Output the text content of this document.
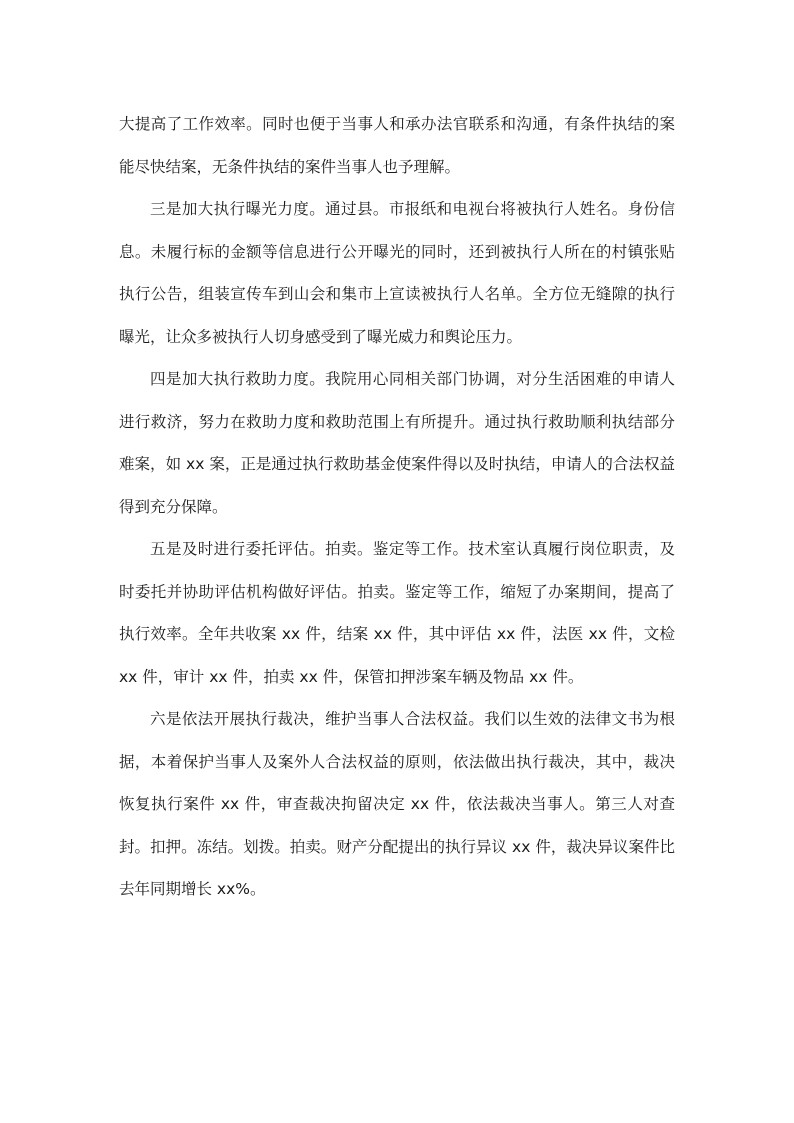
大提高了工作效率。同时也便于当事人和承办法官联系和沟通，有条件执结的案能尽快结案，无条件执结的案件当事人也予理解。

三是加大执行曝光力度。通过县。市报纸和电视台将被执行人姓名。身份信息。未履行标的金额等信息进行公开曝光的同时，还到被执行人所在的村镇张贴执行公告，组装宣传车到山会和集市上宣读被执行人名单。全方位无缝隙的执行曝光，让众多被执行人切身感受到了曝光威力和舆论压力。

四是加大执行救助力度。我院用心同相关部门协调，对分生活困难的申请人进行救济，努力在救助力度和救助范围上有所提升。通过执行救助顺利执结部分难案，如 xx 案，正是通过执行救助基金使案件得以及时执结，申请人的合法权益得到充分保障。

五是及时进行委托评估。拍卖。鉴定等工作。技术室认真履行岗位职责，及时委托并协助评估机构做好评估。拍卖。鉴定等工作，缩短了办案期间，提高了执行效率。全年共收案 xx 件，结案 xx 件，其中评估 xx 件，法医 xx 件，文检 xx 件，审计 xx 件，拍卖 xx 件，保管扣押涉案车辆及物品 xx 件。

六是依法开展执行裁决，维护当事人合法权益。我们以生效的法律文书为根据，本着保护当事人及案外人合法权益的原则，依法做出执行裁决，其中，裁决恢复执行案件 xx 件，审查裁决拘留决定 xx 件，依法裁决当事人。第三人对查封。扣押。冻结。划拨。拍卖。财产分配提出的执行异议 xx 件，裁决异议案件比去年同期增长 xx%。
